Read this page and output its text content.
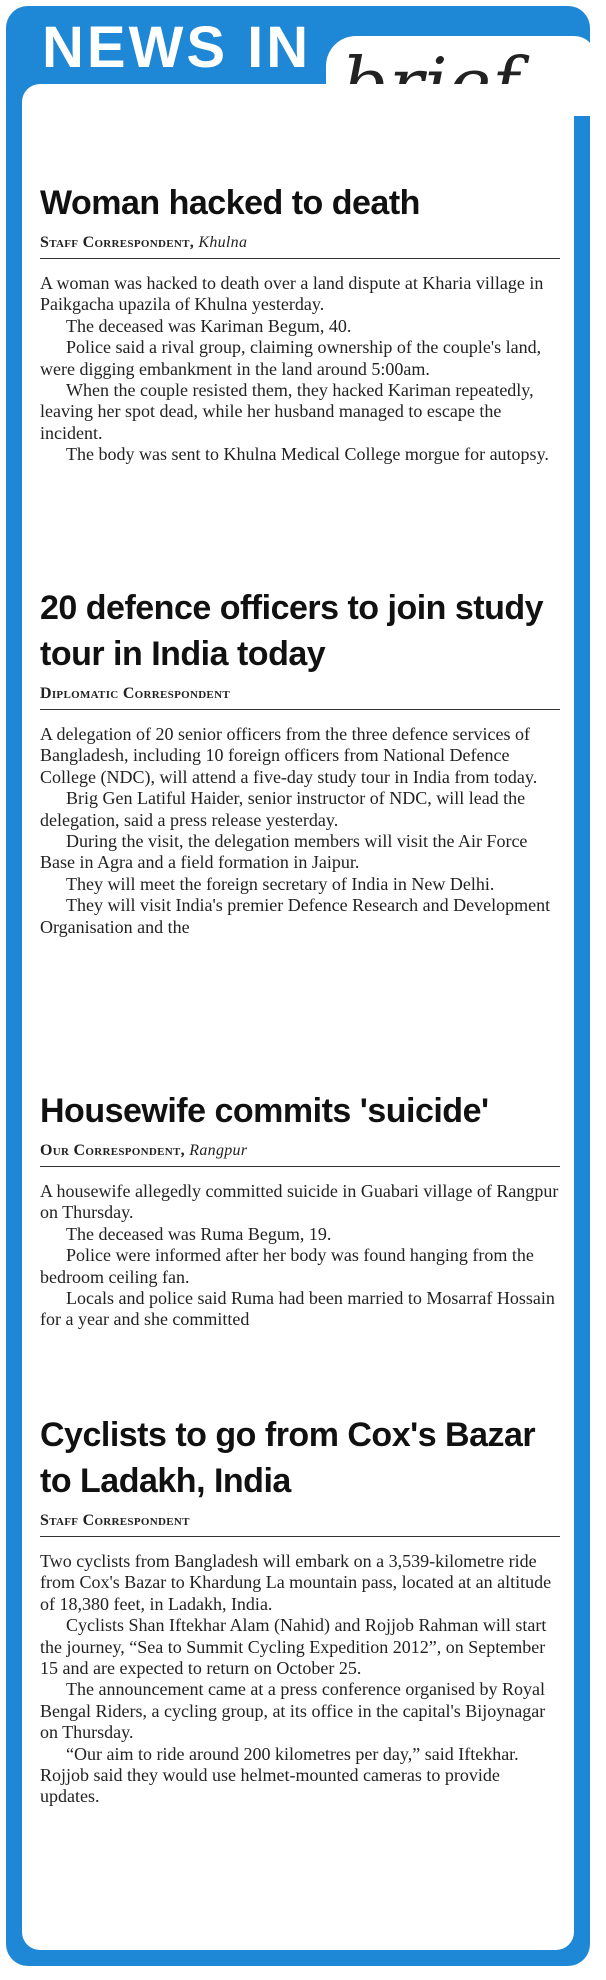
NEWS IN
Woman hacked to death
Staff Correspondent, Khulna

A woman was hacked to death over a land dispute at Kharia village in Paikgacha upazila of Khulna yesterday.

The deceased was Kariman Begum, 40.

Police said a rival group, claiming ownership of the couple's land, were digging embankment in the land around 5:00am.

When the couple resisted them, they hacked Kariman repeatedly, leaving her spot dead, while her husband managed to escape the incident.

The body was sent to Khulna Medical College morgue for autopsy.

20 defence officers to join study tour in India today
Diplomatic Correspondent

A delegation of 20 senior officers from the three defence services of Bangladesh, including 10 foreign officers from National Defence College (NDC), will attend a five-day study tour in India from today.

Brig Gen Latiful Haider, senior instructor of NDC, will lead the delegation, said a press release yesterday.

During the visit, the delegation members will visit the Air Force Base in Agra and a field formation in Jaipur.

They will meet the foreign secretary of India in New Delhi.

They will visit India's premier Defence Research and Development Organisation and the

Housewife commits 'suicide'
Our Correspondent, Rangpur

A housewife allegedly committed suicide in Guabari village of Rangpur on Thursday.

The deceased was Ruma Begum, 19.

Police were informed after her body was found hanging from the bedroom ceiling fan.

Locals and police said Ruma had been married to Mosarraf Hossain for a year and she committed

Cyclists to go from Cox's Bazar to Ladakh, India
Staff Correspondent

Two cyclists from Bangladesh will embark on a 3,539-kilometre ride from Cox's Bazar to Khardung La mountain pass, located at an altitude of 18,380 feet, in Ladakh, India.

Cyclists Shan Iftekhar Alam (Nahid) and Rojjob Rahman will start the journey, “Sea to Summit Cycling Expedition 2012”, on September 15 and are expected to return on October 25.

The announcement came at a press conference organised by Royal Bengal Riders, a cycling group, at its office in the capital's Bijoynagar on Thursday.

“Our aim to ride around 200 kilometres per day,” said Iftekhar. Rojjob said they would use helmet-mounted cameras to provide updates.
